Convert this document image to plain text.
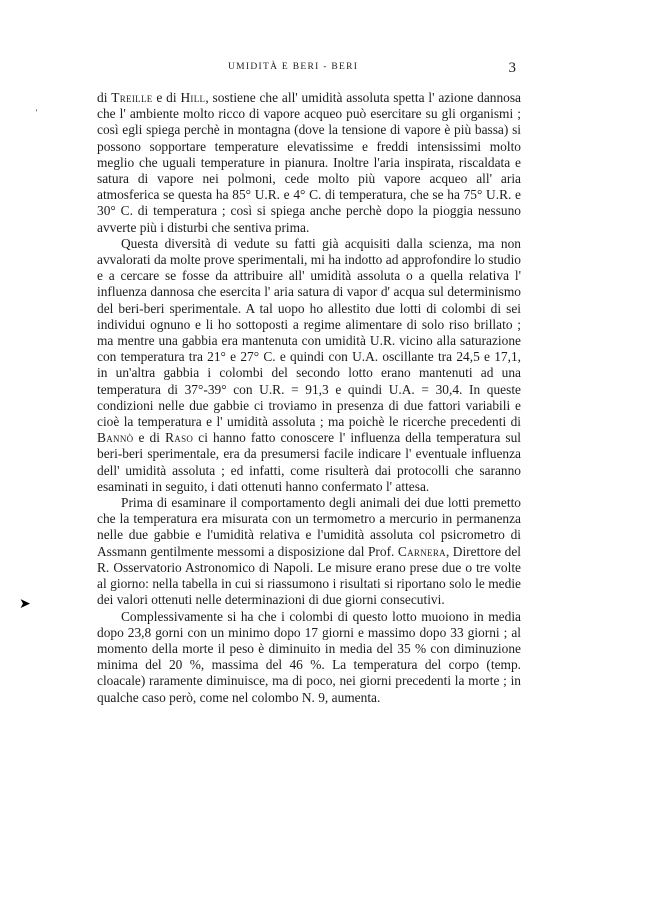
UMIDITÀ E BERI - BERI	3
'
➤

di Treille e di Hill, sostiene che all' umidità assoluta spetta l' azione dannosa che l' ambiente molto ricco di vapore acqueo può esercitare su gli organismi ; così egli spiega perchè in montagna (dove la tensione di vapore è più bassa) si possono sopportare temperature elevatissime e freddi intensissimi molto meglio che uguali temperature in pianura. Inoltre l'aria inspirata, riscaldata e satura di vapore nei polmoni, cede molto più vapore acqueo all' aria atmosferica se questa ha 85° U.R. e 4° C. di temperatura, che se ha 75° U.R. e 30° C. di temperatura ; così si spiega anche perchè dopo la pioggia nessuno avverte più i disturbi che sentiva prima.

Questa diversità di vedute su fatti già acquisiti dalla scienza, ma non avvalorati da molte prove sperimentali, mi ha indotto ad approfondire lo studio e a cercare se fosse da attribuire all' umidità assoluta o a quella relativa l' influenza dannosa che esercita l' aria satura di vapor d' acqua sul determinismo del beri-beri sperimentale. A tal uopo ho allestito due lotti di colombi di sei individui ognuno e li ho sottoposti a regime alimentare di solo riso brillato ; ma mentre una gabbia era mantenuta con umidità U.R. vicino alla saturazione con temperatura tra 21° e 27° C. e quindi con U.A. oscillante tra 24,5 e 17,1, in un'altra gabbia i colombi del secondo lotto erano mantenuti ad una temperatura di 37°-39° con U.R. = 91,3 e quindi U.A. = 30,4. In queste condizioni nelle due gabbie ci troviamo in presenza di due fattori variabili e cioè la temperatura e l' umidità assoluta ; ma poichè le ricerche precedenti di Bannò e di Raso ci hanno fatto conoscere l' influenza della temperatura sul beri-beri sperimentale, era da presumersi facile indicare l' eventuale influenza dell' umidità assoluta ; ed infatti, come risulterà dai protocolli che saranno esaminati in seguito, i dati ottenuti hanno confermato l' attesa.

Prima di esaminare il comportamento degli animali dei due lotti premetto che la temperatura era misurata con un termometro a mercurio in permanenza nelle due gabbie e l'umidità relativa e l'umidità assoluta col psicrometro di Assmann gentilmente messomi a disposizione dal Prof. Carnera, Direttore del R. Osservatorio Astronomico di Napoli. Le misure erano prese due o tre volte al giorno: nella tabella in cui si riassumono i risultati si riportano solo le medie dei valori ottenuti nelle determinazioni di due giorni consecutivi.

Complessivamente si ha che i colombi di questo lotto muoiono in media dopo 23,8 gorni con un minimo dopo 17 giorni e massimo dopo 33 giorni ; al momento della morte il peso è diminuito in media del 35 % con diminuzione minima del 20 %, massima del 46 %. La temperatura del corpo (temp. cloacale) raramente diminuisce, ma di poco, nei giorni precedenti la morte ; in qualche caso però, come nel colombo N. 9, aumenta.
